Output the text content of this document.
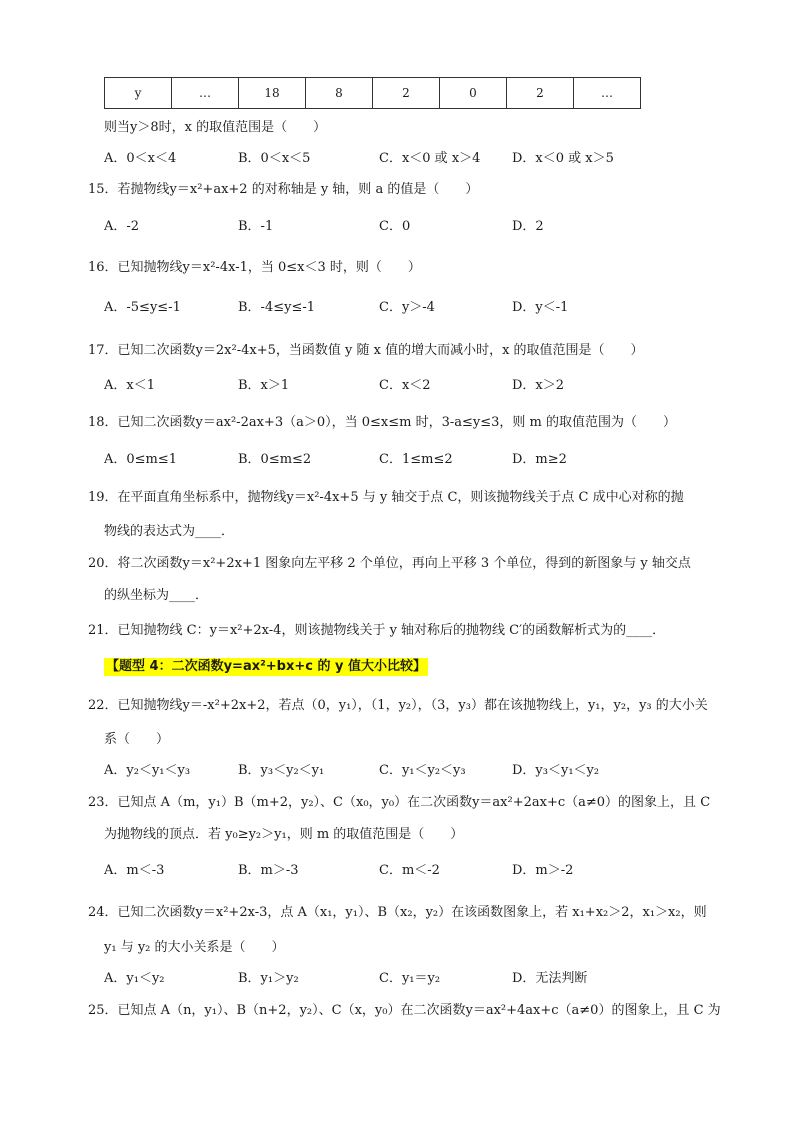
y	…	18	8	2	0	2	…
则当y＞8时，x 的取值范围是（　　）
A．0＜x＜4	B．0＜x＜5	C．x＜0 或 x＞4 D．x＜0 或 x＞5
15．若抛物线y＝x²+ax+2 的对称轴是 y 轴，则 a 的值是（　　）
A．-2	B．-1	C．0	D．2
16．已知抛物线y＝x²-4x-1，当 0≤x＜3 时，则（　　）
A．-5≤y≤-1	B．-4≤y≤-1	C．y＞-4	D．y＜-1
17．已知二次函数y＝2x²-4x+5，当函数值 y 随 x 值的增大而减小时，x 的取值范围是（　　）
A．x＜1	B．x＞1	C．x＜2	D．x＞2
18．已知二次函数y＝ax²-2ax+3（a＞0），当 0≤x≤m 时，3-a≤y≤3，则 m 的取值范围为（　　）
A．0≤m≤1	B．0≤m≤2	C．1≤m≤2	D．m≥2
19．在平面直角坐标系中，抛物线y＝x²-4x+5 与 y 轴交于点 C，则该抛物线关于点 C 成中心对称的抛
物线的表达式为____．
20．将二次函数y＝x²+2x+1 图象向左平移 2 个单位，再向上平移 3 个单位，得到的新图象与 y 轴交点
的纵坐标为____．
21．已知抛物线 C：y＝x²+2x-4，则该抛物线关于 y 轴对称后的抛物线 C′的函数解析式为的____．
【题型 4：二次函数y=ax²+bx+c 的 y 值大小比较】
22．已知抛物线y＝-x²+2x+2，若点（0，y₁），（1，y₂），（3，y₃）都在该抛物线上，y₁，y₂，y₃ 的大小关
系（　　）
A．y₂＜y₁＜y₃	B．y₃＜y₂＜y₁	C．y₁＜y₂＜y₃	D．y₃＜y₁＜y₂
23．已知点 A（m，y₁）B（m+2，y₂）、C（x₀，y₀）在二次函数y＝ax²+2ax+c（a≠0）的图象上，且 C
为抛物线的顶点．若 y₀≥y₂＞y₁，则 m 的取值范围是（　　）
A．m＜-3	B．m＞-3	C．m＜-2	D．m＞-2
24．已知二次函数y＝x²+2x-3，点 A（x₁，y₁）、B（x₂，y₂）在该函数图象上，若 x₁+x₂＞2，x₁＞x₂，则
y₁ 与 y₂ 的大小关系是（　　）
A．y₁＜y₂	B．y₁＞y₂	C．y₁＝y₂	D．无法判断
25．已知点 A（n，y₁）、B（n+2，y₂）、C（x，y₀）在二次函数y＝ax²+4ax+c（a≠0）的图象上，且 C 为
